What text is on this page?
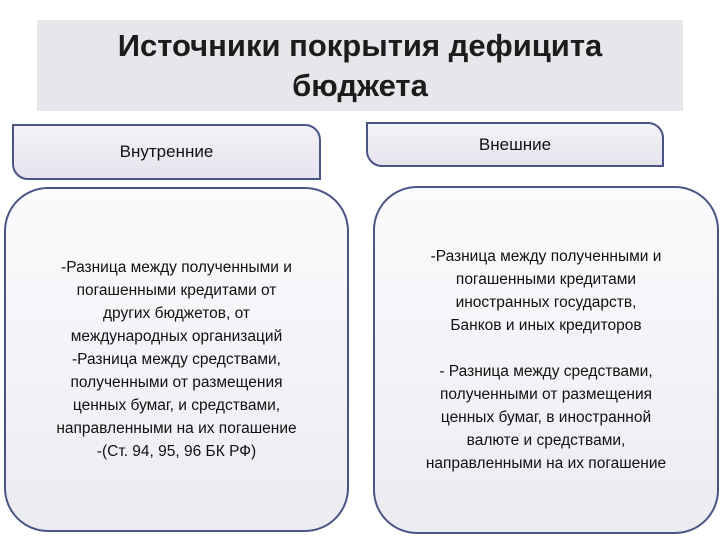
Источники покрытия дефицита
бюджета
Внутренние	Внешние
-Разница между полученными и
погашенными кредитами от
других бюджетов, от
международных организаций
-Разница между средствами,
полученными от размещения
ценных бумаг, и средствами,
направленными на их погашение
-(Ст. 94, 95, 96 БК РФ)
-Разница между полученными и
погашенными кредитами
иностранных государств,
Банков и иных кредиторов

- Разница между средствами,
полученными от размещения
ценных бумаг, в иностранной
валюте и средствами,
направленными на их погашение
